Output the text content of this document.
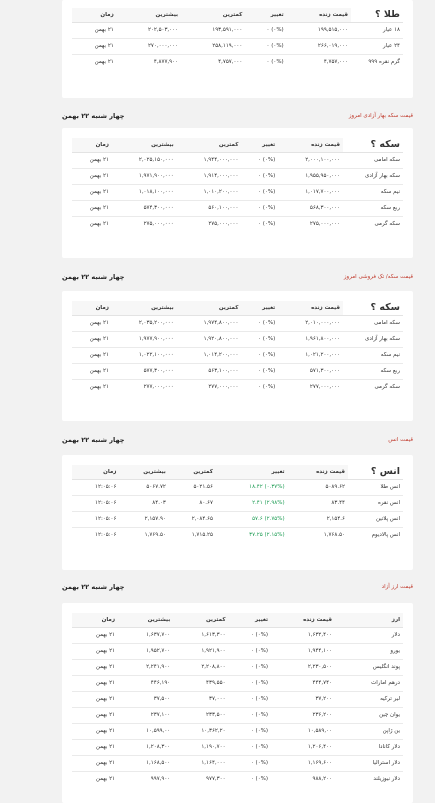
طلا ؟	قیمت زنده	تغییر	کمترین	بیشترین	زمان
۱۸ عیار	۱۹۹,۵۱۵,۰۰۰	(۰%) ۰	۱۹۳,۵۹۱,۰۰۰	۲۰۲,۵۰۳,۰۰۰	۲۱ بهمن
۲۴ عیار	۲۶۶,۰۱۹,۰۰۰	(۰%) ۰	۲۵۸,۱۱۹,۰۰۰	۲۷۰,۰۰۰,۰۰۰	۲۱ بهمن
گرم نقره ۹۹۹	۴,۷۵۷,۰۰۰	(۰%) ۰	۴,۷۵۷,۰۰۰	۴,۸۷۷,۹۰۰	۲۱ بهمن
قیمت سکه بهار آزادی امروز
چهار شنبه ۲۲ بهمن
سکه ؟	قیمت زنده	تغییر	کمترین	بیشترین	زمان
سکه امامی	۲,۰۰۰,۱۰۰,۰۰۰	(۰%) ۰	۱,۹۴۴,۰۰۰,۰۰۰	۲,۰۲۵,۱۵۰,۰۰۰	۲۱ بهمن
سکه بهار آزادی	۱,۹۵۵,۹۵۰,۰۰۰	(۰%) ۰	۱,۹۱۴,۰۰۰,۰۰۰	۱,۹۷۱,۹۰۰,۰۰۰	۲۱ بهمن
نیم سکه	۱,۰۱۷,۷۰۰,۰۰۰	(۰%) ۰	۱,۰۱۰,۲۰۰,۰۰۰	۱,۰۱۸,۱۰۰,۰۰۰	۲۱ بهمن
ربع سکه	۵۶۸,۳۰۰,۰۰۰	(۰%) ۰	۵۶۰,۱۰۰,۰۰۰	۵۷۴,۳۰۰,۰۰۰	۲۱ بهمن
سکه گرمی	۲۷۵,۰۰۰,۰۰۰	(۰%) ۰	۲۷۵,۰۰۰,۰۰۰	۲۷۵,۰۰۰,۰۰۰	۲۱ بهمن
قیمت سکه/ تک فروشی امروز
چهار شنبه ۲۲ بهمن
سکه ؟	قیمت زنده	تغییر	کمترین	بیشترین	زمان
سکه امامی	۲,۰۱۰,۰۰۰,۰۰۰	(۰%) ۰	۱,۹۷۴,۸۰۰,۰۰۰	۲,۰۳۵,۲۰۰,۰۰۰	۲۱ بهمن
سکه بهار آزادی	۱,۹۶۱,۸۰۰,۰۰۰	(۰%) ۰	۱,۹۲۰,۸۰۰,۰۰۰	۱,۹۷۷,۹۰۰,۰۰۰	۲۱ بهمن
نیم سکه	۱,۰۲۱,۲۰۰,۰۰۰	(۰%) ۰	۱,۰۱۴,۲۰۰,۰۰۰	۱,۰۲۲,۱۰۰,۰۰۰	۲۱ بهمن
ربع سکه	۵۷۱,۳۰۰,۰۰۰	(۰%) ۰	۵۶۳,۱۰۰,۰۰۰	۵۷۷,۳۰۰,۰۰۰	۲۱ بهمن
سکه گرمی	۲۷۷,۰۰۰,۰۰۰	(۰%) ۰	۲۷۷,۰۰۰,۰۰۰	۲۷۷,۰۰۰,۰۰۰	۲۱ بهمن
قیمت انس
چهار شنبه ۲۲ بهمن
انس ؟	قیمت زنده	تغییر	کمترین	بیشترین	زمان
انس طلا	۵۰۸۹.۶۲	(۰.۳۷%) ۱۸.۴۲	۵۰۲۱.۵۶	۵۰۶۷.۷۲	۱۲:۰۵:۰۶
انس نقره	۸۳.۴۴	(۲.۹۸%) ۲.۴۱	۸۰.۶۷	۸۴.۰۳	۱۲:۰۵:۰۶
انس پلاتین	۲,۱۵۴.۶	(۲.۷۵%) ۵۷.۶	۲,۰۸۴.۶۵	۲,۱۵۷.۹۰	۱۲:۰۵:۰۶
انس پالادیوم	۱,۷۶۸.۵۰	(۲.۱۵%) ۳۷.۲۵	۱,۷۱۵.۲۵	۱,۷۶۹.۵۰	۱۲:۰۵:۰۶
قیمت ارز آزاد
چهار شنبه ۲۲ بهمن
ارز	قیمت زنده	تغییر	کمترین	بیشترین	زمان
دلار	۱,۶۳۲,۴۰۰	(۰%) ۰	۱,۶۱۳,۳۰۰	۱,۶۳۷,۷۰۰	۲۱ بهمن
یورو	۱,۹۴۴,۱۰۰	(۰%) ۰	۱,۹۲۱,۹۰۰	۱,۹۵۲,۷۰۰	۲۱ بهمن
پوند انگلیس	۲,۲۳۰,۵۰۰	(۰%) ۰	۲,۲۰۸,۸۰۰	۲,۲۴۱,۹۰۰	۲۱ بهمن
درهم امارات	۴۴۴,۷۴۰	(۰%) ۰	۴۳۹,۵۵۰	۴۴۶,۱۹۰	۲۱ بهمن
لیر ترکیه	۳۷,۲۰۰	(۰%) ۰	۳۷,۰۰۰	۳۷,۵۰۰	۲۱ بهمن
یوان چین	۲۳۶,۲۰۰	(۰%) ۰	۲۳۳,۵۰۰	۲۳۷,۱۰۰	۲۱ بهمن
ین ژاپن	۱۰,۵۸۹,۰۰	(۰%) ۰	۱۰,۳۶۲,۲۰	۱۰,۵۹۹,۰۰	۲۱ بهمن
دلار کانادا	۱,۲۰۶,۴۰۰	(۰%) ۰	۱,۱۹۰,۷۰۰	۱,۲۰۸,۳۰۰	۲۱ بهمن
دلار استرالیا	۱,۱۶۹,۶۰۰	(۰%) ۰	۱,۱۶۴,۰۰۰	۱,۱۶۸,۵۰۰	۲۱ بهمن
دلار نیوزیلند	۹۸۸,۲۰۰	(۰%) ۰	۹۷۷,۳۰۰	۹۹۷,۹۰۰	۲۱ بهمن
